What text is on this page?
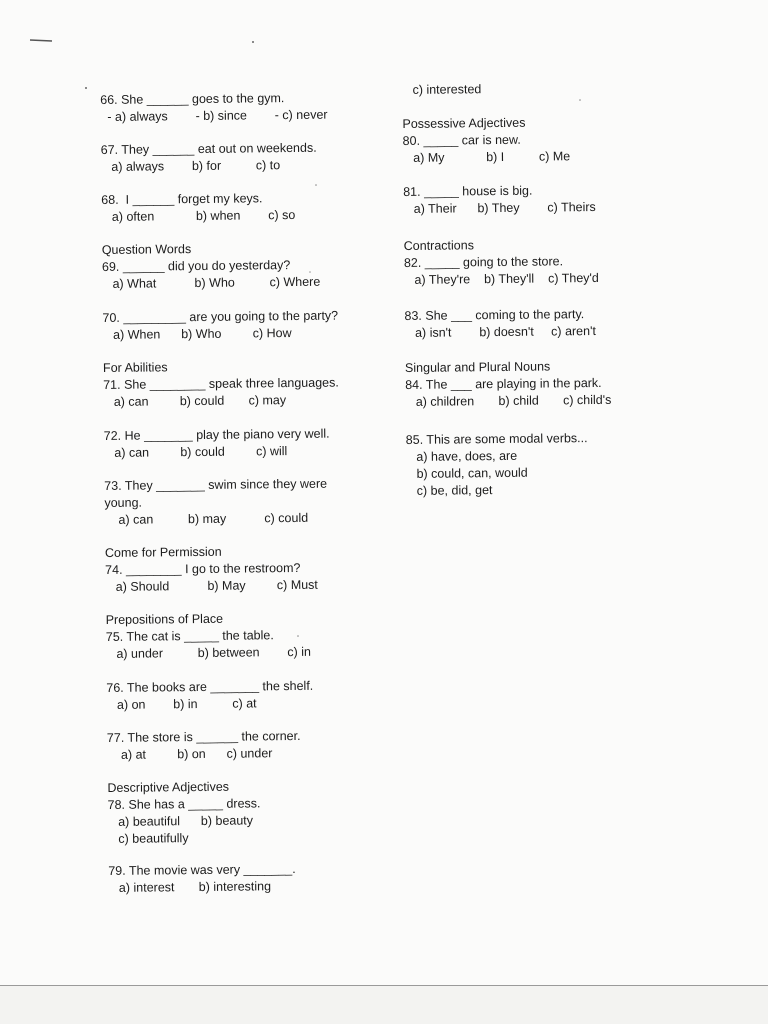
66. She ______ goes to the gym.

- a) always        - b) since        - c) never

67. They ______ eat out on weekends.

a) always        b) for          c) to

68.  I ______ forget my keys.

a) often            b) when        c) so

Question Words

69. ______ did you do yesterday?

a) What           b) Who          c) Where

70. _________ are you going to the party?

a) When      b) Who         c) How

For Abilities

71. She ________ speak three languages.

a) can         b) could       c) may

72. He _______ play the piano very well.

a) can         b) could         c) will

73. They _______ swim since they were
young.

a) can          b) may           c) could

Come for Permission

74. ________ I go to the restroom?

a) Should           b) May         c) Must

Prepositions of Place

75. The cat is _____ the table.

a) under          b) between        c) in

76. The books are _______ the shelf.

a) on        b) in          c) at

77. The store is ______ the corner.

a) at         b) on      c) under

Descriptive Adjectives

78. She has a _____ dress.

a) beautiful      b) beauty

c) beautifully

79. The movie was very _______.

a) interest       b) interesting

c) interested

Possessive Adjectives

80. _____ car is new.

a) My            b) I          c) Me

81. _____ house is big.

a) Their      b) They        c) Theirs

Contractions

82. _____ going to the store.

a) They're    b) They'll    c) They'd

83. She ___ coming to the party.

a) isn't        b) doesn't     c) aren't

Singular and Plural Nouns

84. The ___ are playing in the park.

a) children       b) child       c) child's

85. This are some modal verbs...

a) have, does, are

b) could, can, would

c) be, did, get
